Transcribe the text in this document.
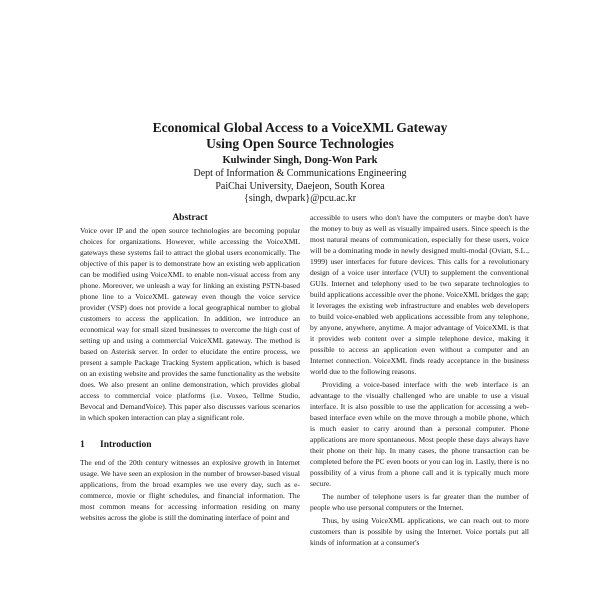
Economical Global Access to a VoiceXML Gateway
Using Open Source Technologies
Kulwinder Singh, Dong-Won Park
Dept of Information & Communications Engineering
PaiChai University, Daejeon, South Korea
{singh, dwpark}@pcu.ac.kr
Abstract

Voice over IP and the open source technologies are becoming popular choices for organizations. However, while accessing the VoiceXML gateways these systems fail to attract the global users economically. The objective of this paper is to demonstrate how an existing web application can be modified using VoiceXML to enable non-visual access from any phone. Moreover, we unleash a way for linking an existing PSTN-based phone line to a VoiceXML gateway even though the voice service provider (VSP) does not provide a local geographical number to global customers to access the application. In addition, we introduce an economical way for small sized businesses to overcome the high cost of setting up and using a commercial VoiceXML gateway. The method is based on Asterisk server. In order to elucidate the entire process, we present a sample Package Tracking System application, which is based on an existing website and provides the same functionality as the website does. We also present an online demonstration, which provides global access to commercial voice platforms (i.e. Voxeo, Tellme Studio, Bevocal and DemandVoice). This paper also discusses various scenarios in which spoken interaction can play a significant role.

1 Introduction

The end of the 20th century witnesses an explosive growth in Internet usage. We have seen an explosion in the number of browser-based visual applications, from the broad examples we use every day, such as e-commerce, movie or flight schedules, and financial information. The most common means for accessing information residing on many websites across the globe is still the dominating interface of point and

accessible to users who don't have the computers or maybe don't have the money to buy as well as visually impaired users. Since speech is the most natural means of communication, especially for these users, voice will be a dominating mode in newly designed multi-modal (Oviatt, S.L., 1999) user interfaces for future devices. This calls for a revolutionary design of a voice user interface (VUI) to supplement the conventional GUIs. Internet and telephony used to be two separate technologies to build applications accessible over the phone. VoiceXML bridges the gap; it leverages the existing web infrastructure and enables web developers to build voice-enabled web applications accessible from any telephone, by anyone, anywhere, anytime. A major advantage of VoiceXML is that it provides web content over a simple telephone device, making it possible to access an application even without a computer and an Internet connection. VoiceXML finds ready acceptance in the business world due to the following reasons.

Providing a voice-based interface with the web interface is an advantage to the visually challenged who are unable to use a visual interface. It is also possible to use the application for accessing a web-based interface even while on the move through a mobile phone, which is much easier to carry around than a personal computer. Phone applications are more spontaneous. Most people these days always have their phone on their hip. In many cases, the phone transaction can be completed before the PC even boots or you can log in. Lastly, there is no possibility of a virus from a phone call and it is typically much more secure.

The number of telephone users is far greater than the number of people who use personal computers or the Internet.

Thus, by using VoiceXML applications, we can reach out to more customers than is possible by using the Internet. Voice portals put all kinds of information at a consumer's
